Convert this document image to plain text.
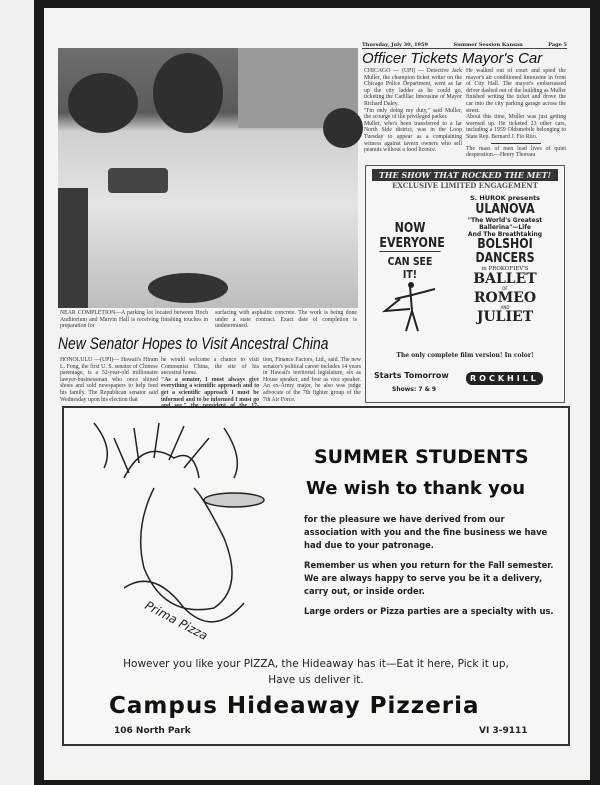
NEAR COMPLETION—A parking lot located between Hoch Auditorium and Marvin Hall is receiving finishing touches in preparation for
surfacing with asphaltic concrete. The work is being done under a state contract. Exact date of completion is undetermined.
New Senator Hopes to Visit Ancestral China
HONOLULU —(UPI)— Hawaii's Hiram L. Fong, the first U. S. senator of Chinese parentage, is a 52-year-old millionaire lawyer-businessman who once shined shoes and sold newspapers to help feed his family. The Republican senator said Wednesday upon his election that
he would welcome a chance to visit Communist China, the site of his ancestral home.
"As a senator, I must always give everything a scientific approach and to get a scientific approach I must be informed and to be informed I must go
tion, Finance Factors, Ltd., said. The new senator's political career includes 14 years in Hawaii's territorial legislature, six as House speaker, and four as vice speaker. An ex-Army major, he also was judge advocate of the 7th fighter group of the 7th Air Force.
Thursday, July 30, 1959	Summer Session Kansan	Page 5
Officer Tickets Mayor's Car

CHICAGO — (UPI) — Detective Jack Muller, the champion ticket writer on the Chicago Police Department, went as far up the city ladder as he could go, ticketing the Cadillac limousine of Mayor Richard Daley.

"I'm only doing my duty," said Muller, the scourge of the privileged parker.

Muller, who's been transferred to a far North Side district, was in the Loop Tuesday to appear as a complaining witness against tavern owners who sell peanuts without a food licence.

He walked out of court and spied the mayor's air conditioned limousine in front of City Hall. The mayor's embarrassed driver dashed out of the building as Muller finished writing the ticket and drove the car into the city parking garage across the street.

About this time, Muller was just getting warmed up. He ticketed 23 other cars, including a 1959 Oldsmobile belonging to State Rep. Bernard J. Fio Rito.

The mass of men lead lives of quiet desperation.—Henry Thoreau

THE SHOW THAT ROCKED THE MET!
EXCLUSIVE LIMITED ENGAGEMENT
NOW
EVERYONE
CAN SEE IT!
S. HUROK presents
ULANOVA
"The World's Greatest Ballerina"—Life
And The Breathtaking
BOLSHOI
DANCERS
in PROKOFIEV'S
BALLET
OF
ROMEO
AND
JULIET
The only complete film version! In color!
Starts Tomorrow
Shows: 7 & 9
ROCKHILL
Prima Pizza
SUMMER STUDENTS
We wish to thank you

for the pleasure we have derived from our association with you and the fine business we have had due to your patronage.

Remember us when you return for the Fall semester. We are always happy to serve you be it a delivery, carry out, or inside order.

Large orders or Pizza parties are a specialty with us.

However you like your PIZZA, the Hideaway has it—Eat it here, Pick it up,
Have us deliver it.
Campus Hideaway Pizzeria
106 North Park	VI 3-9111
